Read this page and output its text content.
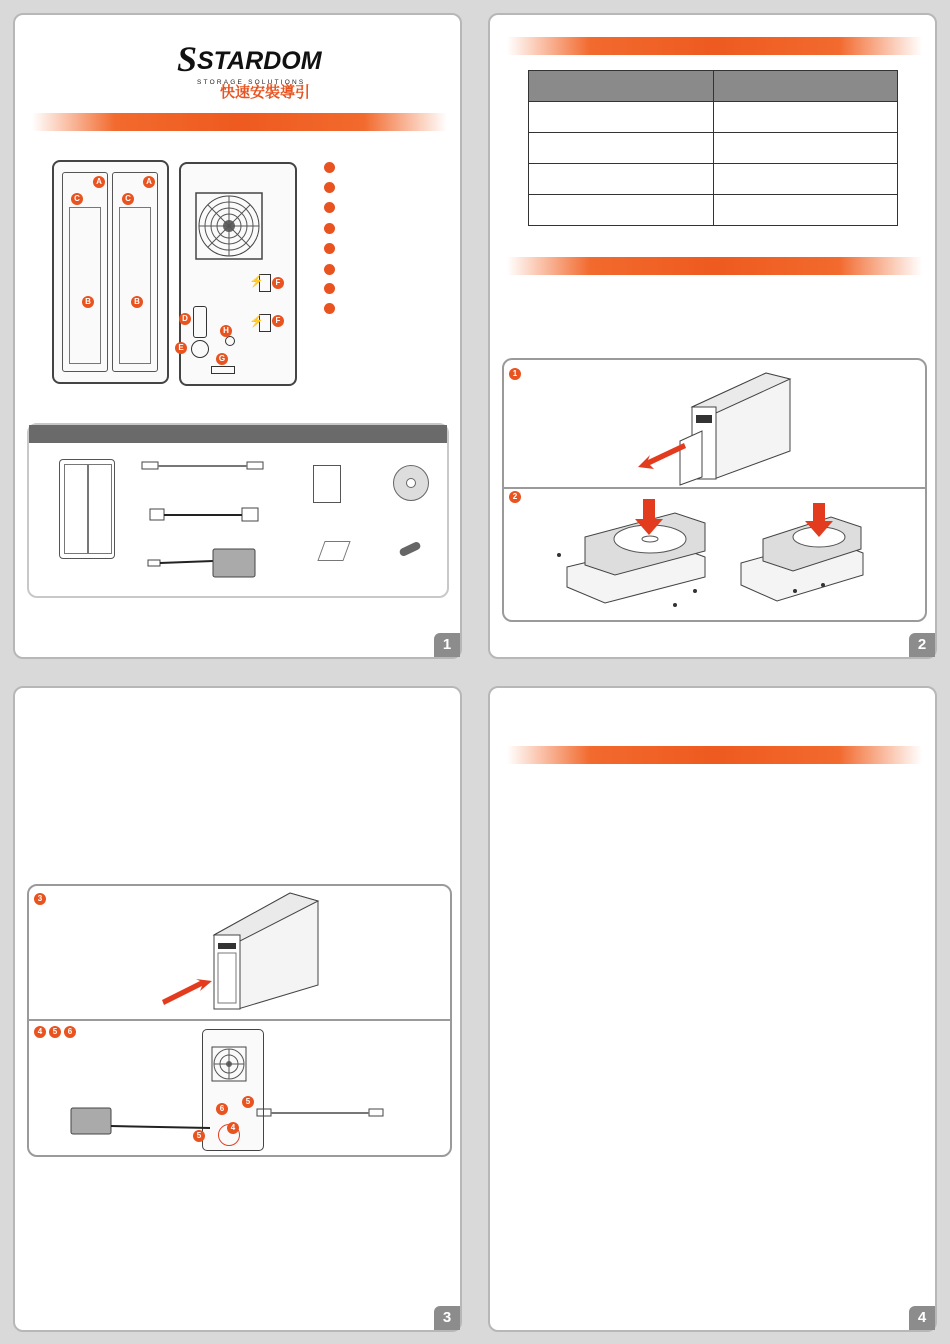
S STARDOM
STORAGE SOLUTIONS
快速安裝導引
A	A
C	C
B	B
⚡
⚡
F
F
D
H
E
G
1

1
2
2
3
4	5	6
6
5
5
4
3	4
